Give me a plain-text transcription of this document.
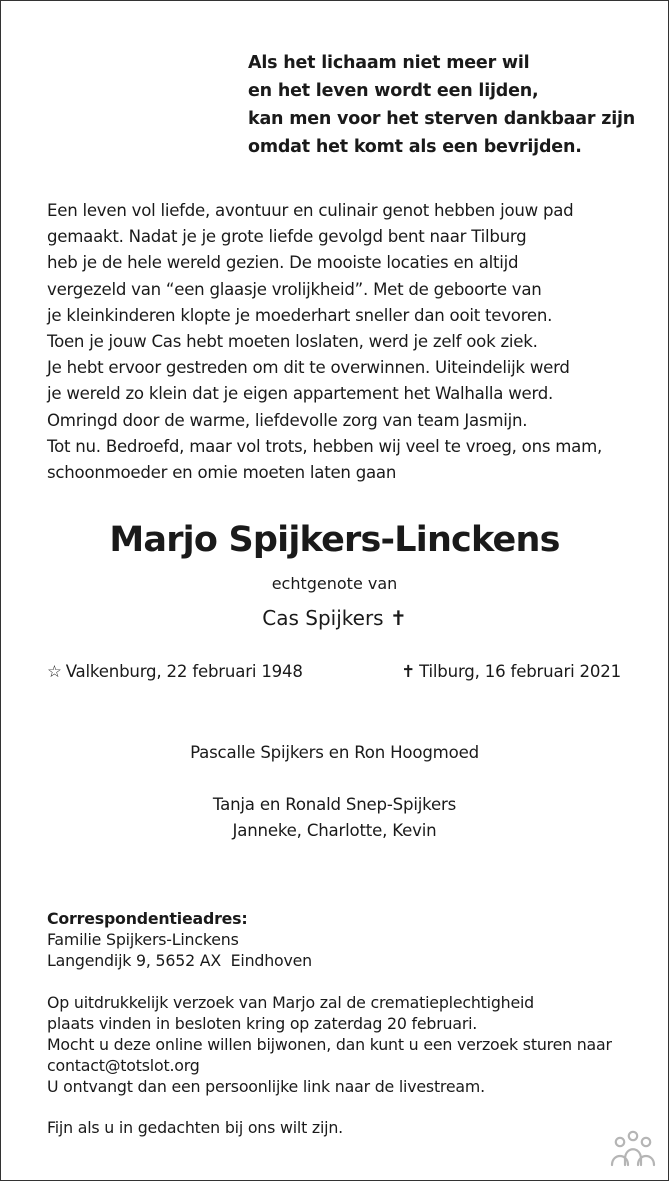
Als het lichaam niet meer wil
en het leven wordt een lijden,
kan men voor het sterven dankbaar zijn
omdat het komt als een bevrijden.
Een leven vol liefde, avontuur en culinair genot hebben jouw pad
gemaakt. Nadat je je grote liefde gevolgd bent naar Tilburg
heb je de hele wereld gezien. De mooiste locaties en altijd
vergezeld van “een glaasje vrolijkheid”. Met de geboorte van
je kleinkinderen klopte je moederhart sneller dan ooit tevoren.
Toen je jouw Cas hebt moeten loslaten, werd je zelf ook ziek.
Je hebt ervoor gestreden om dit te overwinnen. Uiteindelijk werd
je wereld zo klein dat je eigen appartement het Walhalla werd.
Omringd door de warme, liefdevolle zorg van team Jasmijn.
Tot nu. Bedroefd, maar vol trots, hebben wij veel te vroeg, ons mam,
schoonmoeder en omie moeten laten gaan
Marjo Spijkers-Linckens
echtgenote van
Cas Spijkers ✝
☆ Valkenburg, 22 februari 1948	✝ Tilburg, 16 februari 2021
Pascalle Spijkers en Ron Hoogmoed
Tanja en Ronald Snep-Spijkers
Janneke, Charlotte, Kevin
Correspondentieadres:
Familie Spijkers-Linckens
Langendijk 9, 5652 AX  Eindhoven
Op uitdrukkelijk verzoek van Marjo zal de crematieplechtigheid
plaats vinden in besloten kring op zaterdag 20 februari.
Mocht u deze online willen bijwonen, dan kunt u een verzoek sturen naar
contact@totslot.org
U ontvangt dan een persoonlijke link naar de livestream.
Fijn als u in gedachten bij ons wilt zijn.
